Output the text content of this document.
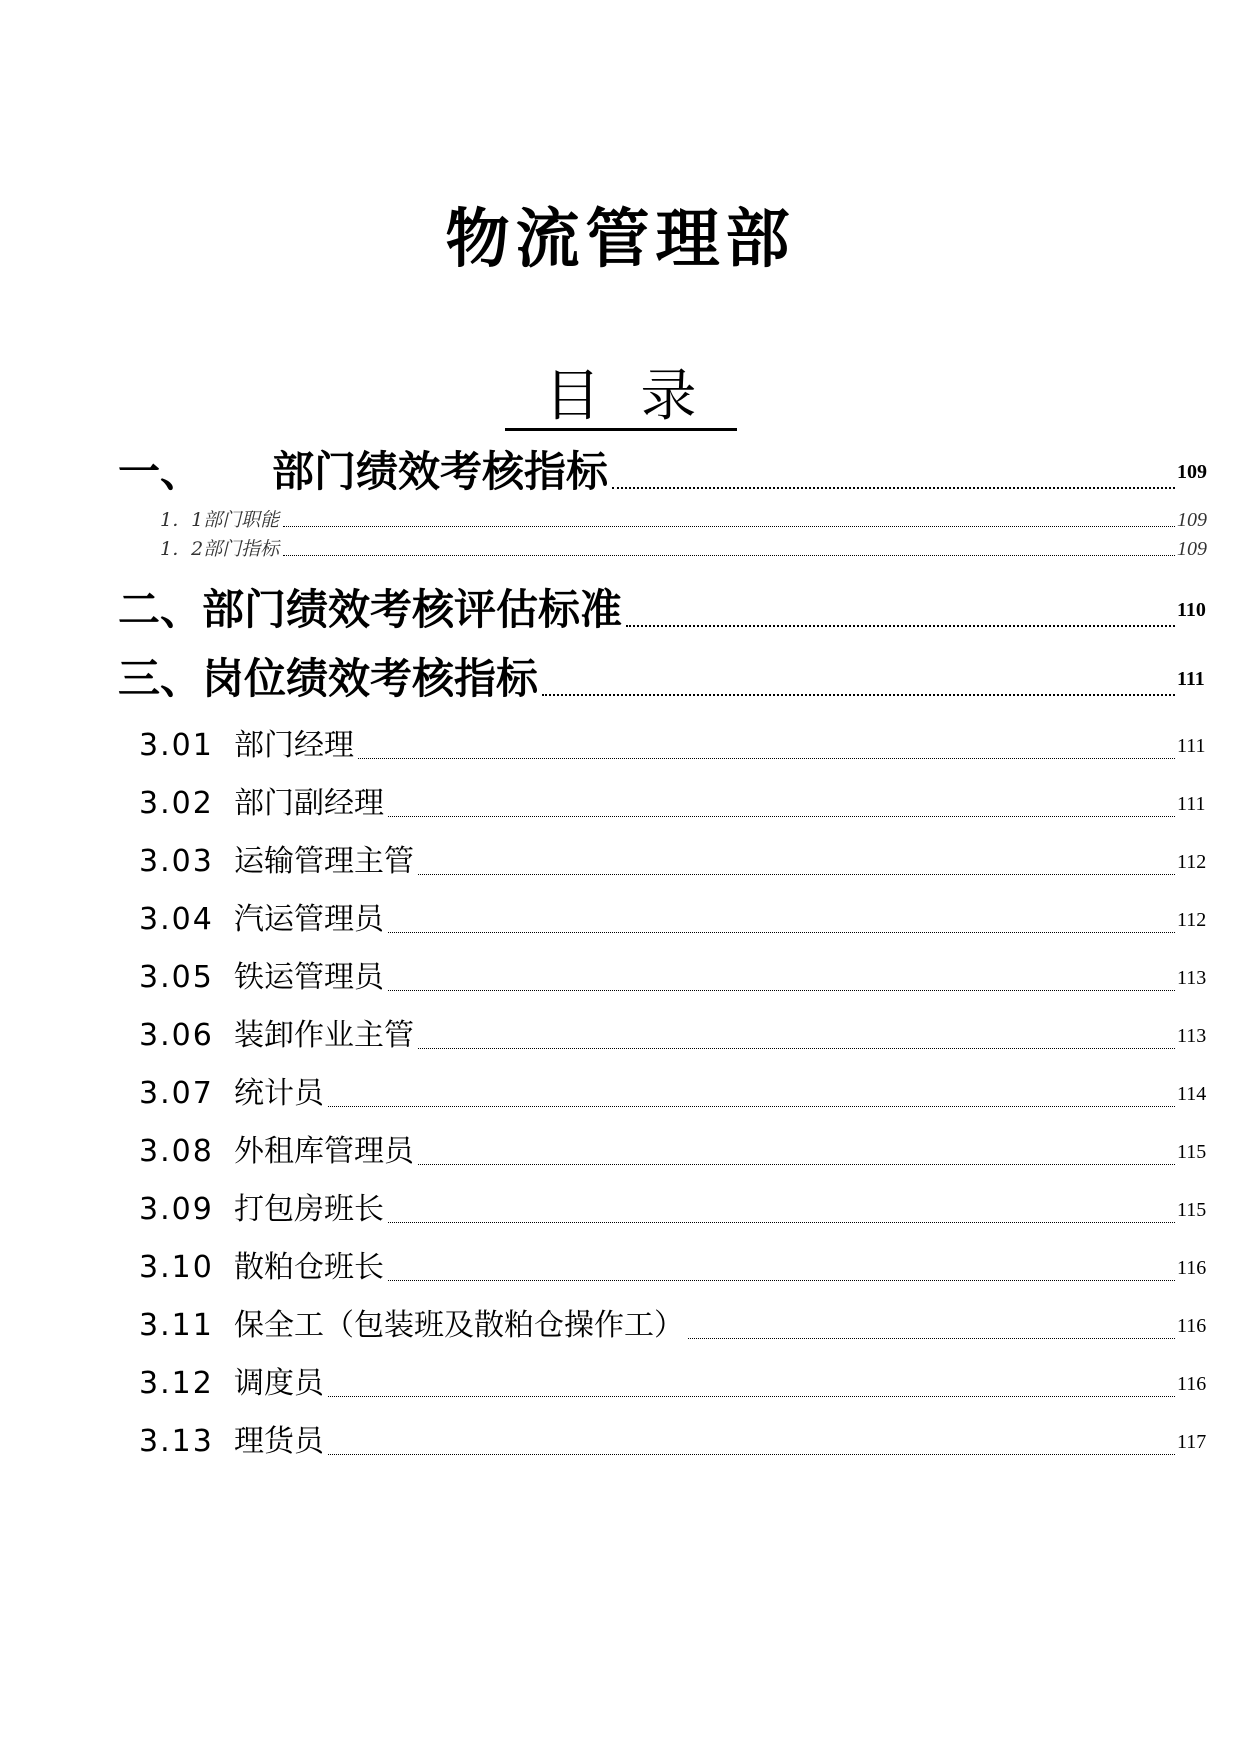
物流管理部
目录
一、 部门绩效考核指标	109
1．1部门职能	109
1．2部门指标	109
二、部门绩效考核评估标准	110
三、岗位绩效考核指标	111
3.01 部门经理	111
3.02 部门副经理	111
3.03 运输管理主管	112
3.04 汽运管理员	112
3.05 铁运管理员	113
3.06 装卸作业主管	113
3.07 统计员	114
3.08 外租库管理员	115
3.09 打包房班长	115
3.10 散粕仓班长	116
3.11 保全工（包装班及散粕仓操作工）	116
3.12 调度员	116
3.13 理货员	117
